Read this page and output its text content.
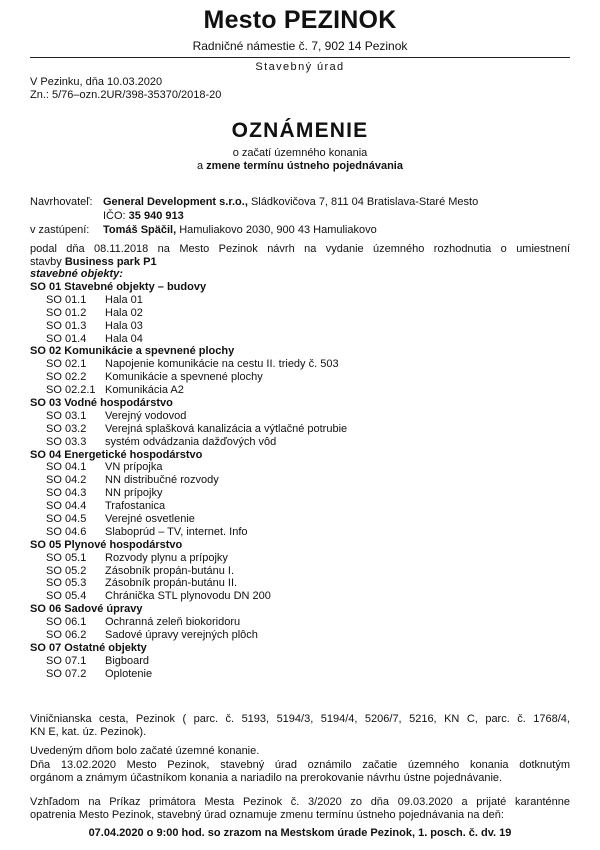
Mesto PEZINOK
Radničné námestie č. 7, 902 14 Pezinok
Stavebný úrad
V Pezinku, dňa 10.03.2020
Zn.: 5/76–ozn.2UR/398-35370/2018-20
OZNÁMENIE
o začatí územného konania
a zmene termínu ústneho pojednávania
Navrhovateľ: General Development s.r.o., Sládkovičova 7, 811 04 Bratislava-Staré Mesto
IČO: 35 940 913
v zastúpení: Tomáš Späčil, Hamuliakovo 2030, 900 43 Hamuliakovo
podal dňa 08.11.2018 na Mesto Pezinok návrh na vydanie územného rozhodnutia o umiestnení
stavby Business park P1
stavebné objekty:
SO 01 Stavebné objekty – budovy
SO 01.1 Hala 01
SO 01.2 Hala 02
SO 01.3 Hala 03
SO 01.4 Hala 04
SO 02 Komunikácie a spevnené plochy
SO 02.1 Napojenie komunikácie na cestu II. triedy č. 503
SO 02.2 Komunikácie a spevnené plochy
SO 02.2.1 Komunikácia A2
SO 03 Vodné hospodárstvo
SO 03.1 Verejný vodovod
SO 03.2 Verejná splašková kanalizácia a výtlačné potrubie
SO 03.3 systém odvádzania dažďových vôd
SO 04 Energetické hospodárstvo
SO 04.1 VN prípojka
SO 04.2 NN distribučné rozvody
SO 04.3 NN prípojky
SO 04.4 Trafostanica
SO 04.5 Verejné osvetlenie
SO 04.6 Slaboprúd – TV, internet. Info
SO 05 Plynové hospodárstvo
SO 05.1 Rozvody plynu a prípojky
SO 05.2 Zásobník propán-butánu I.
SO 05.3 Zásobník propán-butánu II.
SO 05.4 Chránička STL plynovodu DN 200
SO 06 Sadové úpravy
SO 06.1 Ochranná zeleň biokoridoru
SO 06.2 Sadové úpravy verejných plôch
SO 07 Ostatné objekty
SO 07.1 Bigboard
SO 07.2 Oplotenie
Viničnianska cesta, Pezinok ( parc. č. 5193, 5194/3, 5194/4, 5206/7, 5216, KN C, parc. č. 1768/4,
KN E, kat. úz. Pezinok).
Uvedeným dňom bolo začaté územné konanie.
Dňa 13.02.2020 Mesto Pezinok, stavebný úrad oznámilo začatie územného konania dotknutým
orgánom a známym účastníkom konania a nariadilo na prerokovanie návrhu ústne pojednávanie.
Vzhľadom na Príkaz primátora Mesta Pezinok č. 3/2020 zo dňa 09.03.2020 a prijaté karanténne
opatrenia Mesto Pezinok, stavebný úrad oznamuje zmenu termínu ústneho pojednávania na deň:
07.04.2020 o 9:00 hod. so zrazom na Mestskom úrade Pezinok, 1. posch. č. dv. 19
